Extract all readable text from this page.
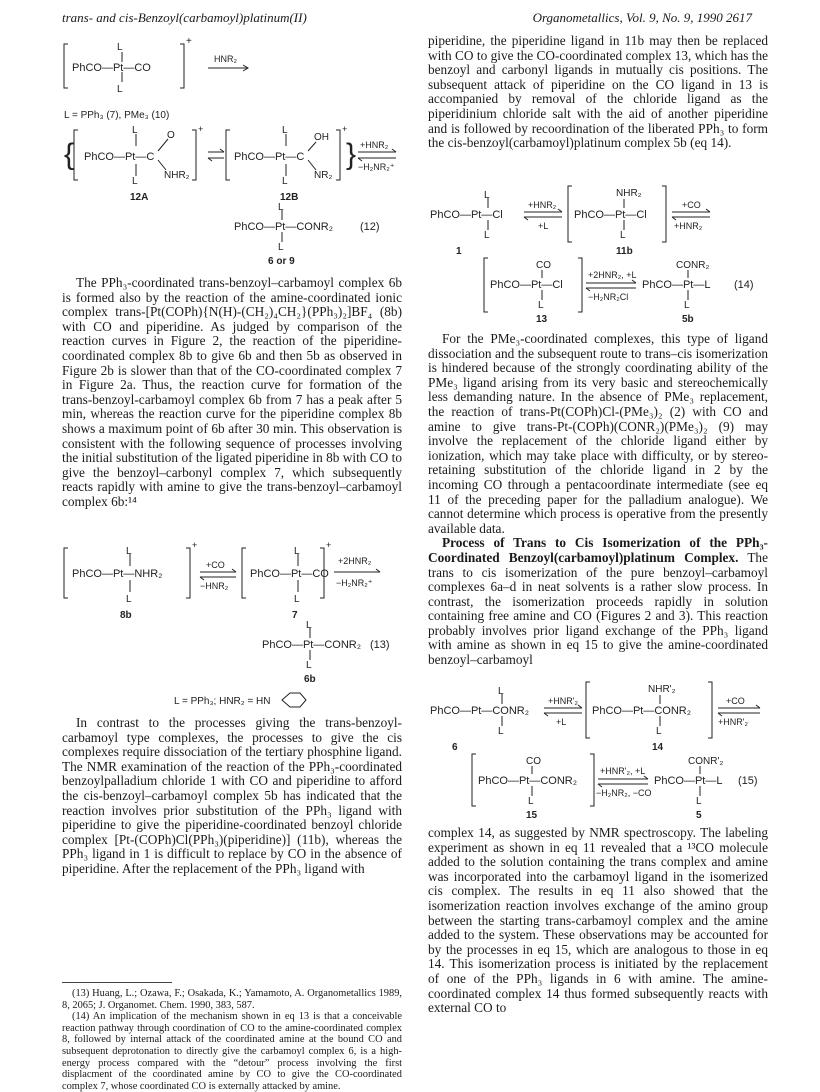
trans- and cis-Benzoyl(carbamoyl)platinum(II)	Organometallics, Vol. 9, No. 9, 1990 2617
L
PhCO—Pt—CO
L
+
HNR₂
L = PPh₃ (7), PMe₃ (10)
{ PhCO—Pt—C
L
L
O
NHR₂
+
PhCO—Pt—C
L
L
OH
NR₂
+
} +HNR₂
−H₂NR₂⁺
12A	12B
L
PhCO—Pt—CONR₂
L
(12)
6 or 9
The PPh₃-coordinated trans-benzoyl–carbamoyl complex 6b is formed also by the reaction of the amine-coordinated ionic complex trans-[Pt(COPh){N(H)-(CH₂)₄CH₂}(PPh₃)₂]BF₄ (8b) with CO and piperidine. As judged by comparison of the reaction curves in Figure 2, the reaction of the piperidine-coordinated complex 8b to give 6b and then 5b as observed in Figure 2b is slower than that of the CO-coordinated complex 7 in Figure 2a. Thus, the reaction curve for formation of the trans-benzoyl-carbamoyl complex 6b from 7 has a peak after 5 min, whereas the reaction curve for the piperidine complex 8b shows a maximum point of 6b after 30 min. This observation is consistent with the following sequence of processes involving the initial substitution of the ligated piperidine in 8b with CO to give the benzoyl–carbonyl complex 7, which subsequently reacts rapidly with amine to give the trans-benzoyl–carbamoyl complex 6b:¹⁴
L
PhCO—Pt—NHR₂
L
+
+CO
−HNR₂
L
PhCO—Pt—CO
L
+
+2HNR₂
−H₂NR₂⁺
8b	7
L
PhCO—Pt—CONR₂
L
(13)
6b
L = PPh₃; HNR₂ = HN
In contrast to the processes giving the trans-benzoyl-carbamoyl type complexes, the processes to give the cis complexes require dissociation of the tertiary phosphine ligand. The NMR examination of the reaction of the PPh₃-coordinated benzoylpalladium chloride 1 with CO and piperidine to afford the cis-benzoyl–carbamoyl complex 5b has indicated that the reaction involves prior substitution of the PPh₃ ligand with piperidine to give the piperidine-coordinated benzoyl chloride complex [Pt-(COPh)Cl(PPh₃)(piperidine)] (11b), whereas the PPh₃ ligand in 1 is difficult to replace by CO in the absence of piperidine. After the replacement of the PPh₃ ligand with

(13) Huang, L.; Ozawa, F.; Osakada, K.; Yamamoto, A. Organometallics 1989, 8, 2065; J. Organomet. Chem. 1990, 383, 587.

(14) An implication of the mechanism shown in eq 13 is that a conceivable reaction pathway through coordination of CO to the amine-coordinated complex 8, followed by internal attack of the coordinated amine at the bound CO and subsequent deprotonation to directly give the carbamoyl complex 6, is a high-energy process compared with the “detour” process involving the first displacment of the coordinated amine by CO to give the CO-coordinated complex 7, whose coordinated CO is externally attacked by amine.

piperidine, the piperidine ligand in 11b may then be replaced with CO to give the CO-coordinated complex 13, which has the benzoyl and carbonyl ligands in mutually cis positions. The subsequent attack of piperidine on the CO ligand in 13 is accompanied by removal of the chloride ligand as the piperidinium chloride salt with the aid of another piperidine and is followed by recoordination of the liberated PPh₃ to form the cis-benzoyl(carbamoyl)platinum complex 5b (eq 14).
L
PhCO—Pt—Cl
L
+HNR₂
+L
NHR₂
PhCO—Pt—Cl
L
+CO
+HNR₂
1	11b
CO
PhCO—Pt—Cl
L
+2HNR₂, +L
−H₂NR₂Cl
CONR₂
PhCO—Pt—L
L
(14)
13	5b

For the PMe₃-coordinated complexes, this type of ligand dissociation and the subsequent route to trans–cis isomerization is hindered because of the strongly coordinating ability of the PMe₃ ligand arising from its very basic and stereochemically less demanding nature. In the absence of PMe₃ replacement, the reaction of trans-Pt(COPh)Cl-(PMe₃)₂ (2) with CO and amine to give trans-Pt-(COPh)(CONR₂)(PMe₃)₂ (9) may involve the replacement of the chloride ligand either by ionization, which may take place with difficulty, or by stereo-retaining substitution of the chloride ligand in 2 by the incoming CO through a pentacoordinate intermediate (see eq 11 of the preceding paper for the palladium analogue). We cannot determine which process is operative from the presently available data.

Process of Trans to Cis Isomerization of the PPh₃-Coordinated Benzoyl(carbamoyl)platinum Complex. The trans to cis isomerization of the pure benzoyl–carbamoyl complexes 6a–d in neat solvents is a rather slow process. In contrast, the isomerization proceeds rapidly in solution containing free amine and CO (Figures 2 and 3). This reaction probably involves prior ligand exchange of the PPh₃ ligand with amine as shown in eq 15 to give the amine-coordinated benzoyl–carbamoyl

L
PhCO—Pt—CONR₂
L
+HNR'₂
+L
NHR'₂
PhCO—Pt—CONR₂
L
+CO
+HNR'₂
6	14
CO
PhCO—Pt—CONR₂
L
+HNR'₂, +L
−H₂NR₂, −CO
CONR'₂
PhCO—Pt—L
L
(15)
15	5
complex 14, as suggested by NMR spectroscopy. The labeling experiment as shown in eq 11 revealed that a ¹³CO molecule added to the solution containing the trans complex and amine was incorporated into the carbamoyl ligand in the isomerized cis complex. The results in eq 11 also showed that the isomerization reaction involves exchange of the amino group between the starting trans-carbamoyl complex and the amine added to the system. These observations may be accounted for by the processes in eq 15, which are analogous to those in eq 14. This isomerization process is initiated by the replacement of one of the PPh₃ ligands in 6 with amine. The amine-coordinated complex 14 thus formed subsequently reacts with external CO to
